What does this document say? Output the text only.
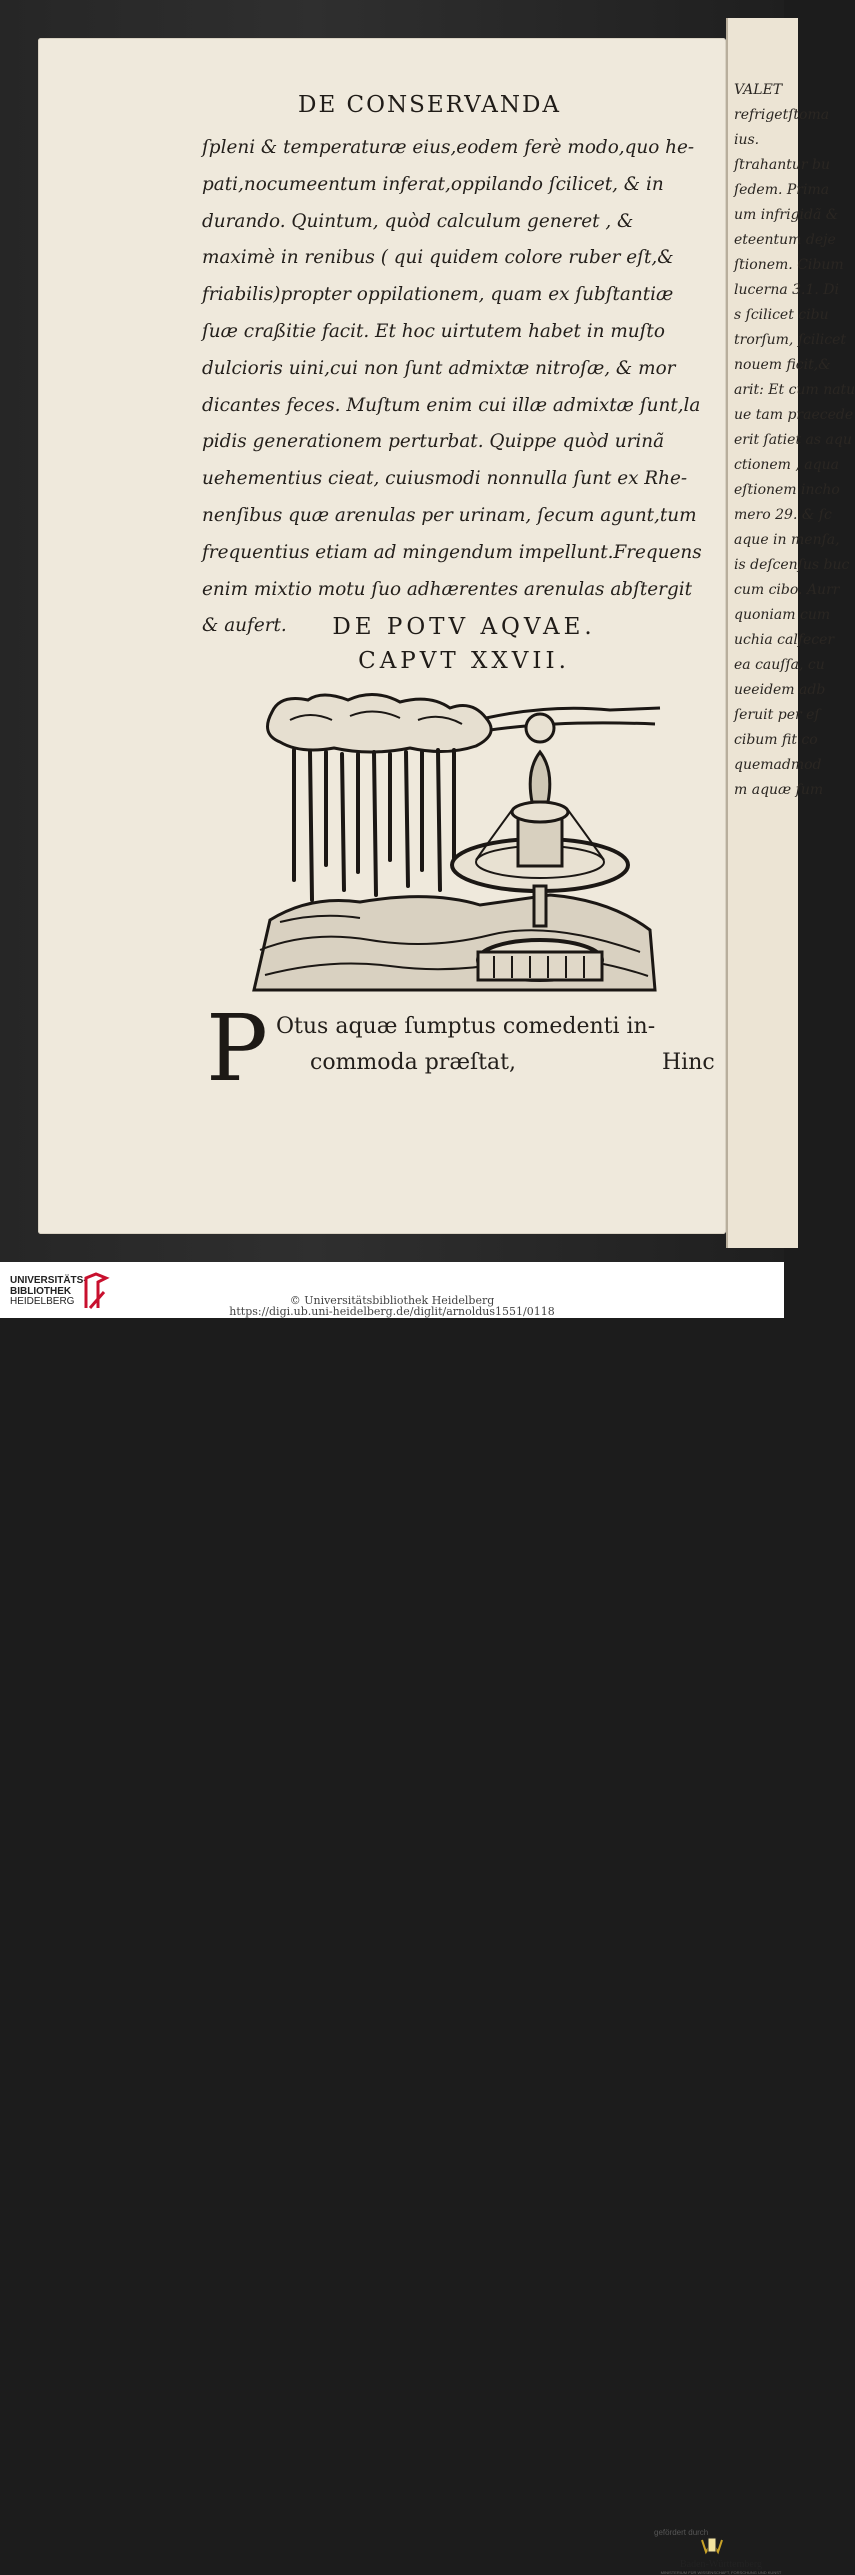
VALET
refrigetſtoma
ius.
ſtrahantur bu
ſedem. Prima
um infrigidã &
eteentum deje
ſtionem. Cibum
lucerna 3.1. Di
s ſcilicet cibu
trorſum, ſcilicet
nouem ficit,&
arit: Et cum natu
ue tam praecede
erit ſatiet as aqu
ctionem , aqua
eſtionem incho
mero 29. & ſc
aque in menſa,
is deſcenſus buc
cum cibo. Aurr
quoniam cum
uchia calfecer
ea cauſſa, cu
ueeidem adb
ſeruit per eſ
cibum fit co
quemadmod
m aquæ ſum
DE CONSERVANDA
ſpleni & temperaturæ eius,eodem ferè modo,quo he-
pati,nocumeentum inferat,oppilando ſcilicet, & in
durando. Quintum, quòd calculum generet , &
maximè in renibus ( qui quidem colore ruber eſt,&
friabilis)propter oppilationem, quam ex ſubſtantiæ
ſuæ craßitie facit. Et hoc uirtutem habet in muſto
dulcioris uini,cui non ſunt admixtæ nitroſæ, & mor
dicantes feces. Muſtum enim cui illæ admixtæ ſunt,la
pidis generationem perturbat. Quippe quòd urinã
uehementius cieat, cuiusmodi nonnulla ſunt ex Rhe-
nenſibus quæ arenulas per urinam, ſecum agunt,tum
frequentius etiam ad mingendum impellunt.Frequens
enim mixtio motu ſuo adhærentes arenulas abſtergit
& aufert.	DE POTV AQVAE.
CAPVT XXVII.
P Otus aquæ ſumptus comedenti in-
commoda præſtat,	Hinc
UNIVERSITÄTS-
BIBLIOTHEK
HEIDELBERG
gefördert durch
Baden-Württemberg
MINISTERIUM FÜR WISSENSCHAFT, FORSCHUNG UND KUNST
© Universitätsbibliothek Heidelberg
https://digi.ub.uni-heidelberg.de/diglit/arnoldus1551/0118
